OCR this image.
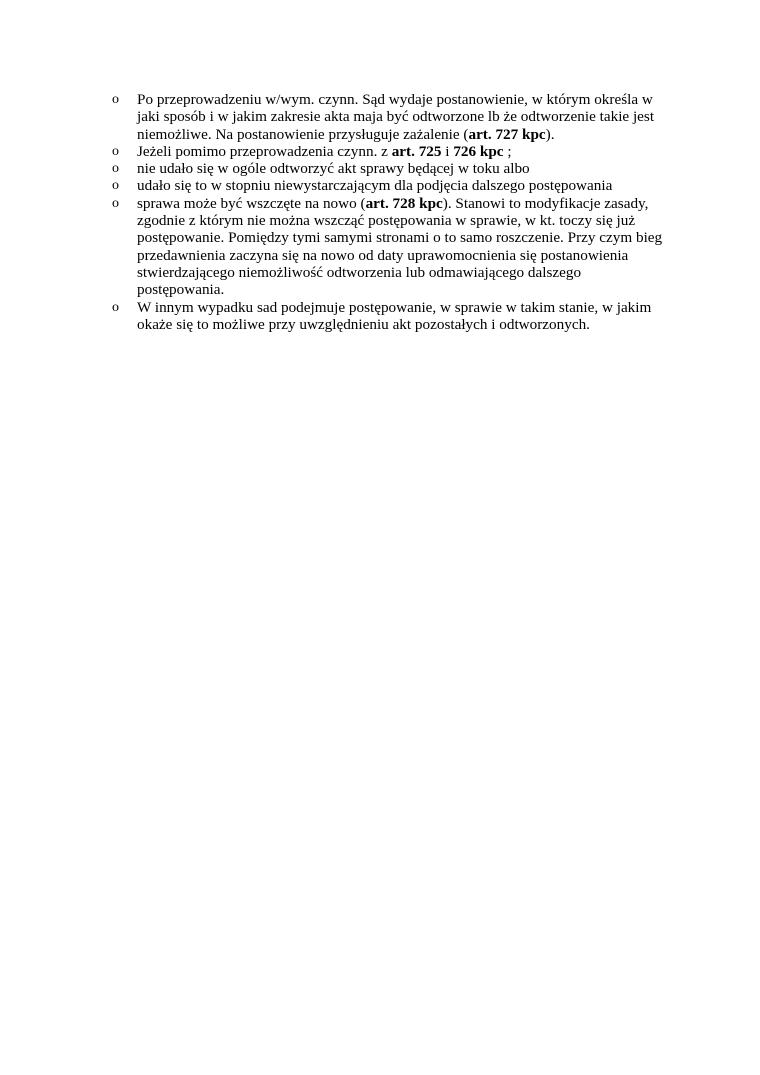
o Po przeprowadzeniu w/wym. czynn. Sąd wydaje postanowienie, w którym określa w jaki sposób i w jakim zakresie akta maja być odtworzone lb że odtworzenie takie jest niemożliwe. Na postanowienie przysługuje zażalenie (art. 727 kpc).
o Jeżeli pomimo przeprowadzenia czynn. z art. 725 i 726 kpc ;
o nie udało się w ogóle odtworzyć akt sprawy będącej w toku albo
o udało się to w stopniu niewystarczającym dla podjęcia dalszego postępowania
o sprawa może być wszczęte na nowo (art. 728 kpc). Stanowi to modyfikacje zasady, zgodnie z którym nie można wszcząć postępowania w sprawie, w kt. toczy się już postępowanie. Pomiędzy tymi samymi stronami o to samo roszczenie. Przy czym bieg przedawnienia zaczyna się na nowo od daty uprawomocnienia się postanowienia stwierdzającego niemożliwość odtworzenia lub odmawiającego dalszego postępowania.
o W innym wypadku sad podejmuje postępowanie, w sprawie w takim stanie, w jakim okaże się to możliwe przy uwzględnieniu akt pozostałych i odtworzonych.
